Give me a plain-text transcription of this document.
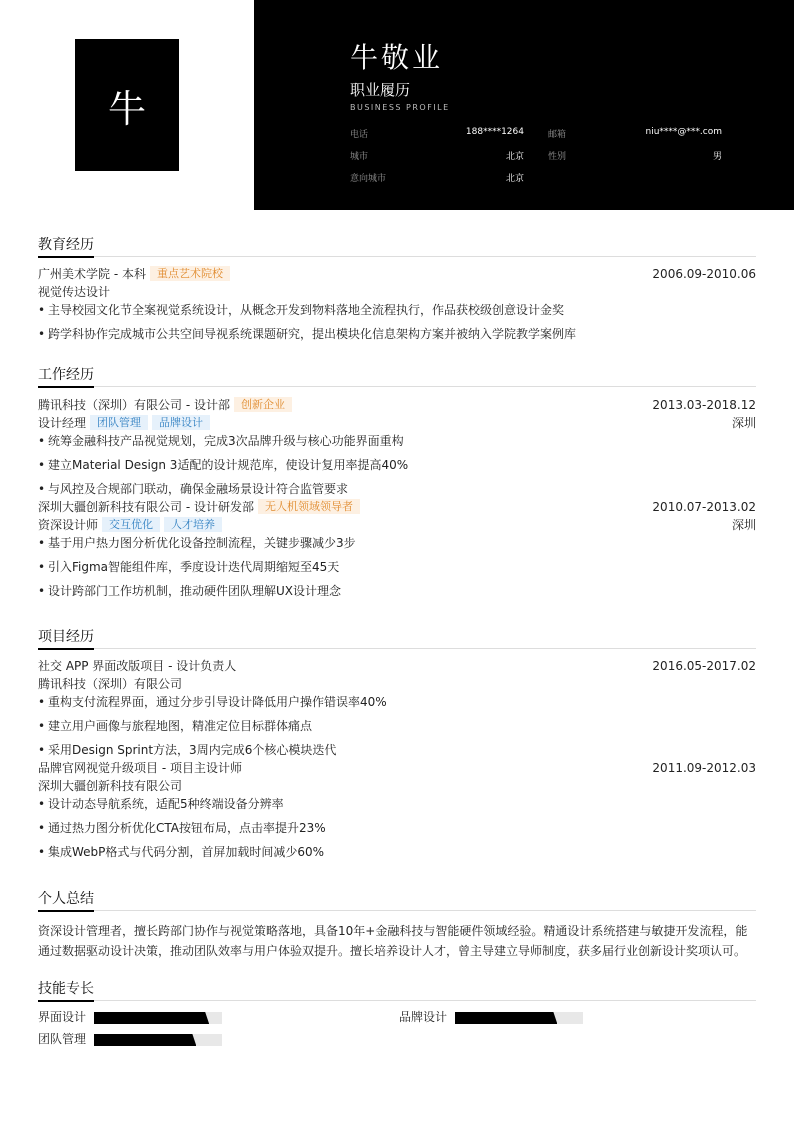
牛
牛敬业
职业履历
BUSINESS PROFILE
电话	188****1264	邮箱	niu****@***.com
城市	北京	性别	男
意向城市	北京
教育经历
广州美术学院 - 本科 重点艺术院校	2006.09-2010.06
视觉传达设计
• 主导校园文化节全案视觉系统设计，从概念开发到物料落地全流程执行，作品获校级创意设计金奖
• 跨学科协作完成城市公共空间导视系统课题研究，提出模块化信息架构方案并被纳入学院教学案例库
工作经历
腾讯科技（深圳）有限公司 - 设计部 创新企业	2013.03-2018.12
设计经理 团队管理 品牌设计	深圳
• 统筹金融科技产品视觉规划，完成3次品牌升级与核心功能界面重构
• 建立Material Design 3适配的设计规范库，使设计复用率提高40%
• 与风控及合规部门联动，确保金融场景设计符合监管要求
深圳大疆创新科技有限公司 - 设计研发部 无人机领域领导者	2010.07-2013.02
资深设计师 交互优化 人才培养	深圳
• 基于用户热力图分析优化设备控制流程，关键步骤减少3步
• 引入Figma智能组件库，季度设计迭代周期缩短至45天
• 设计跨部门工作坊机制，推动硬件团队理解UX设计理念
项目经历
社交 APP 界面改版项目 - 设计负责人	2016.05-2017.02
腾讯科技（深圳）有限公司
• 重构支付流程界面，通过分步引导设计降低用户操作错误率40%
• 建立用户画像与旅程地图，精准定位目标群体痛点
• 采用Design Sprint方法，3周内完成6个核心模块迭代
品牌官网视觉升级项目 - 项目主设计师	2011.09-2012.03
深圳大疆创新科技有限公司
• 设计动态导航系统，适配5种终端设备分辨率
• 通过热力图分析优化CTA按钮布局，点击率提升23%
• 集成WebP格式与代码分割，首屏加载时间减少60%
个人总结
资深设计管理者，擅长跨部门协作与视觉策略落地，具备10年+金融科技与智能硬件领域经验。精通设计系统搭建与敏捷开发流程，能通过数据驱动设计决策，推动团队效率与用户体验双提升。擅长培养设计人才，曾主导建立导师制度，获多届行业创新设计奖项认可。
技能专长
界面设计	品牌设计
团队管理
